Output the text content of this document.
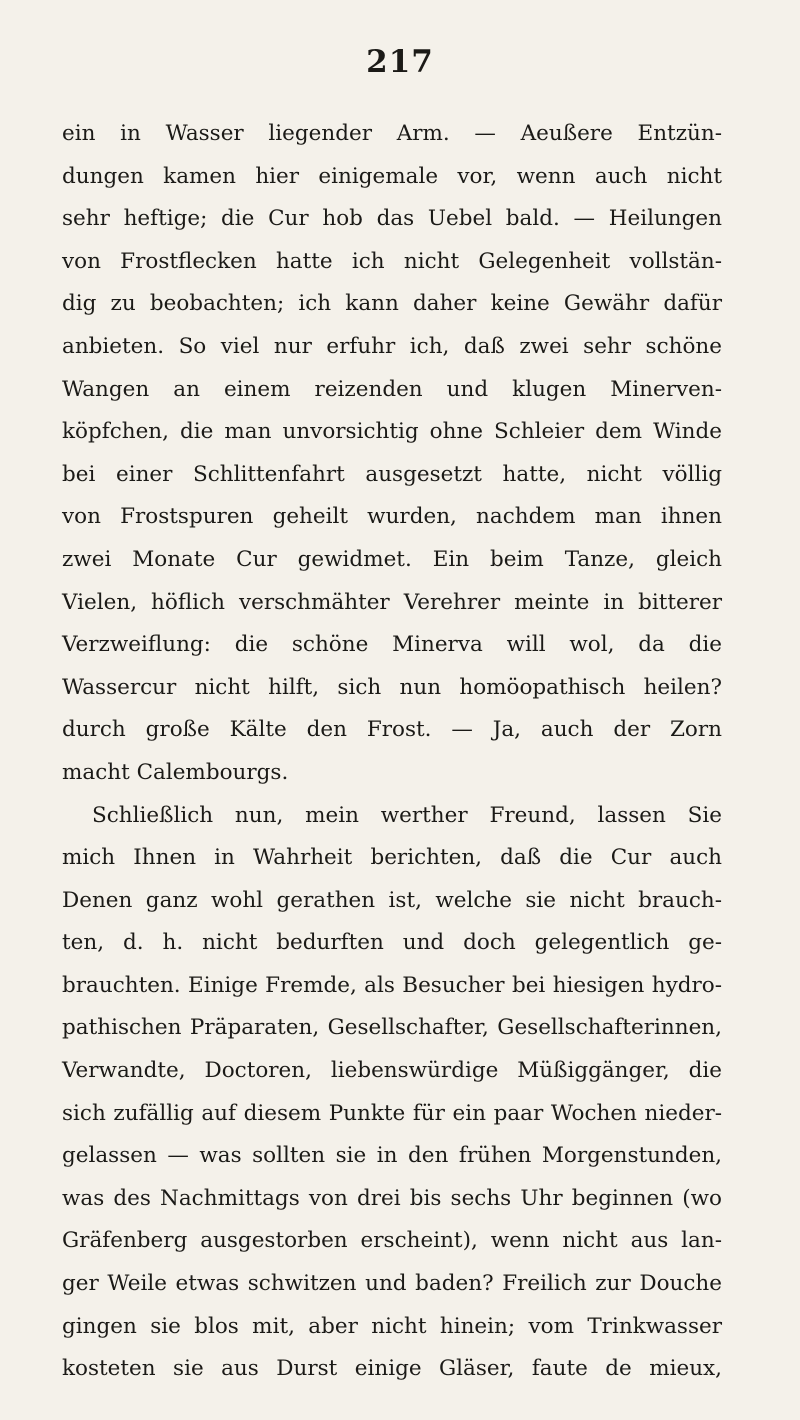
217
ein in Wasser liegender Arm. — Aeußere Entzün-
dungen kamen hier einigemale vor, wenn auch nicht
sehr heftige; die Cur hob das Uebel bald. — Heilungen
von Frostflecken hatte ich nicht Gelegenheit vollstän-
dig zu beobachten; ich kann daher keine Gewähr dafür
anbieten. So viel nur erfuhr ich, daß zwei sehr schöne
Wangen an einem reizenden und klugen Minerven-
köpfchen, die man unvorsichtig ohne Schleier dem Winde
bei einer Schlittenfahrt ausgesetzt hatte, nicht völlig
von Frostspuren geheilt wurden, nachdem man ihnen
zwei Monate Cur gewidmet. Ein beim Tanze, gleich
Vielen, höflich verschmähter Verehrer meinte in bitterer
Verzweiflung: die schöne Minerva will wol, da die
Wassercur nicht hilft, sich nun homöopathisch heilen?
durch große Kälte den Frost. — Ja, auch der Zorn
macht Calembourgs.
Schließlich nun, mein werther Freund, lassen Sie
mich Ihnen in Wahrheit berichten, daß die Cur auch
Denen ganz wohl gerathen ist, welche sie nicht brauch-
ten, d. h. nicht bedurften und doch gelegentlich ge-
brauchten. Einige Fremde, als Besucher bei hiesigen hydro-
pathischen Präparaten, Gesellschafter, Gesellschafterinnen,
Verwandte, Doctoren, liebenswürdige Müßiggänger, die
sich zufällig auf diesem Punkte für ein paar Wochen nieder-
gelassen — was sollten sie in den frühen Morgenstunden,
was des Nachmittags von drei bis sechs Uhr beginnen (wo
Gräfenberg ausgestorben erscheint), wenn nicht aus lan-
ger Weile etwas schwitzen und baden? Freilich zur Douche
gingen sie blos mit, aber nicht hinein; vom Trinkwasser
kosteten sie aus Durst einige Gläser, faute de mieux,
